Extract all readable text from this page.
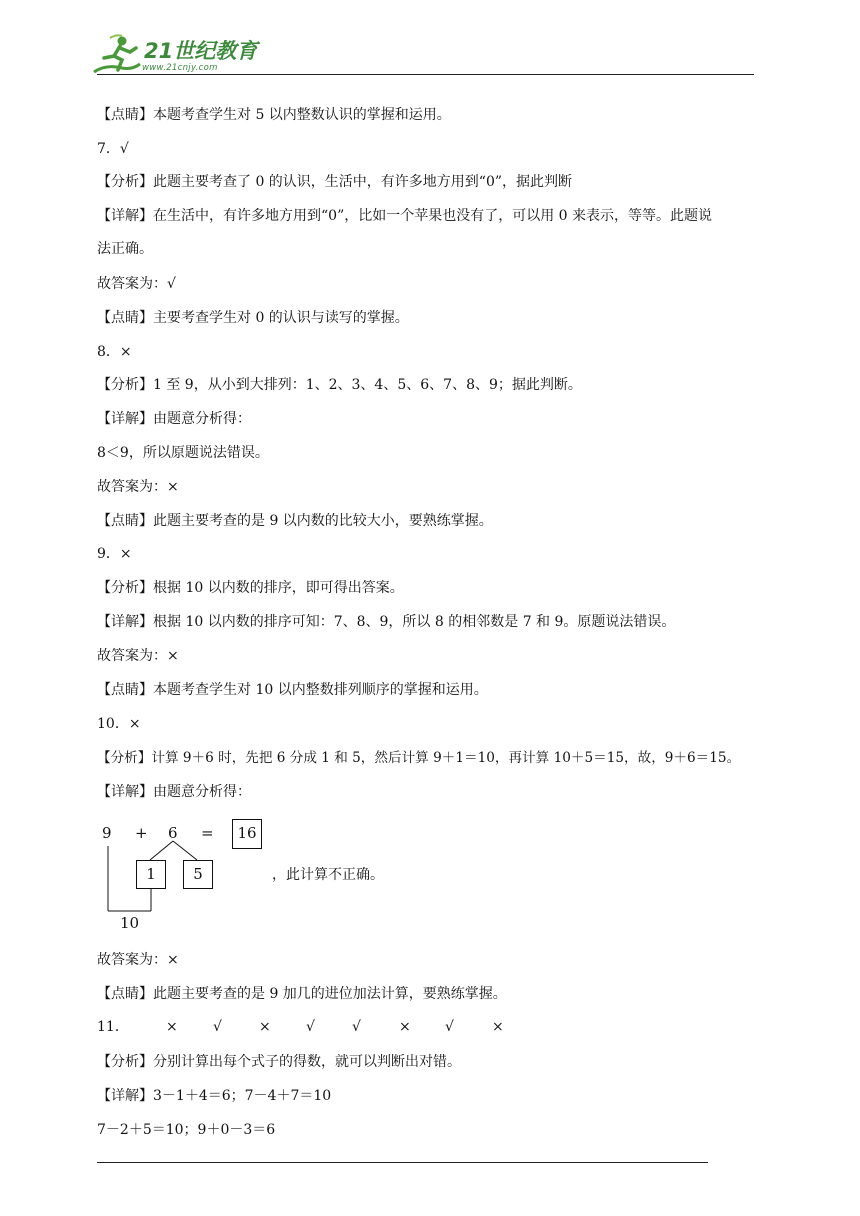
21世纪教育
www.21cnjy.com
【点睛】本题考查学生对 5 以内整数认识的掌握和运用。
7．√
【分析】此题主要考查了 0 的认识，生活中，有许多地方用到“0”，据此判断
【详解】在生活中，有许多地方用到“0”，比如一个苹果也没有了，可以用 0 来表示，等等。此题说
法正确。
故答案为：√
【点睛】主要考查学生对 0 的认识与读写的掌握。
8．×
【分析】1 至 9，从小到大排列：1、2、3、4、5、6、7、8、9；据此判断。
【详解】由题意分析得：
8＜9，所以原题说法错误。
故答案为：×
【点睛】此题主要考查的是 9 以内数的比较大小，要熟练掌握。
9．×
【分析】根据 10 以内数的排序，即可得出答案。
【详解】根据 10 以内数的排序可知：7、8、9，所以 8 的相邻数是 7 和 9。原题说法错误。
故答案为：×
【点睛】本题考查学生对 10 以内整数排列顺序的掌握和运用。
10．×
【分析】计算 9＋6 时，先把 6 分成 1 和 5，然后计算 9＋1＝10，再计算 10＋5＝15，故，9＋6＝15。
【详解】由题意分析得：
9 + 6 =	16
1	5
10
，此计算不正确。
故答案为：×
【点睛】此题主要考查的是 9 加几的进位加法计算，要熟练掌握。
11．	×	√	×	√	√	× √	×
【分析】分别计算出每个式子的得数，就可以判断出对错。
【详解】3－1＋4＝6；7－4＋7＝10
7－2＋5＝10；9＋0－3＝6
